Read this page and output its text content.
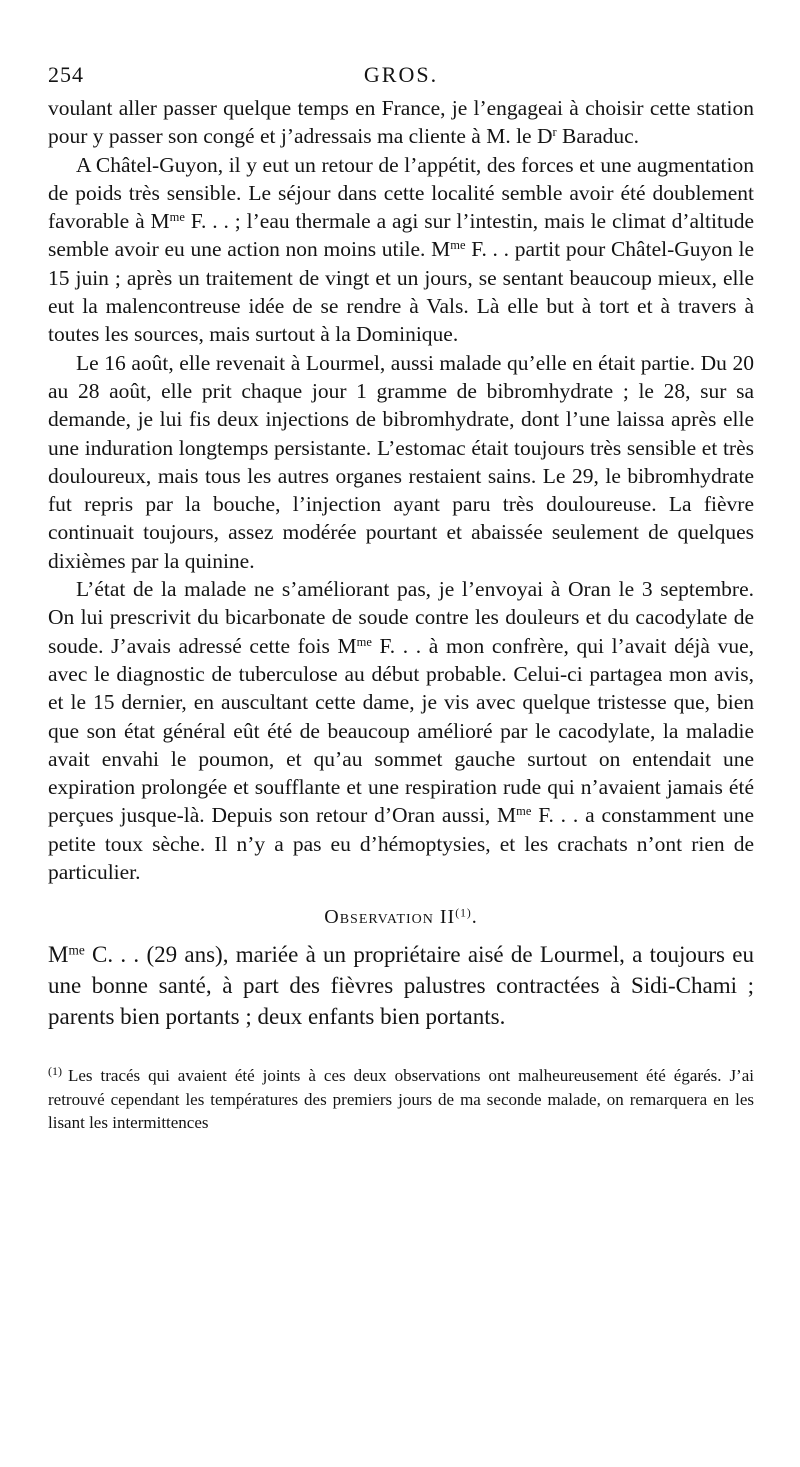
254	GROS.

voulant aller passer quelque temps en France, je l’engageai à choisir cette station pour y passer son congé et j’adressais ma cliente à M. le $D^r$ Baraduc.

A Châtel-Guyon, il y eut un retour de l’appétit, des forces et une augmentation de poids très sensible. Le séjour dans cette localité semble avoir été doublement favorable à $M^{me}$ F. . . ; l’eau thermale a agi sur l’intestin, mais le climat d’altitude semble avoir eu une action non moins utile. $M^{me}$ F. . . partit pour Châtel-Guyon le 15 juin ; après un traitement de vingt et un jours, se sentant beaucoup mieux, elle eut la malencontreuse idée de se rendre à Vals. Là elle but à tort et à travers à toutes les sources, mais surtout à la Dominique.

Le 16 août, elle revenait à Lourmel, aussi malade qu’elle en était partie. Du 20 au 28 août, elle prit chaque jour 1 gramme de bibromhydrate ; le 28, sur sa demande, je lui fis deux injections de bibromhydrate, dont l’une laissa après elle une induration longtemps persistante. L’estomac était toujours très sensible et très douloureux, mais tous les autres organes restaient sains. Le 29, le bibromhydrate fut repris par la bouche, l’injection ayant paru très douloureuse. La fièvre continuait toujours, assez modérée pourtant et abaissée seulement de quelques dixièmes par la quinine.

L’état de la malade ne s’améliorant pas, je l’envoyai à Oran le 3 septembre. On lui prescrivit du bicarbonate de soude contre les douleurs et du cacodylate de soude. J’avais adressé cette fois $M^{me}$ F. . . à mon confrère, qui l’avait déjà vue, avec le diagnostic de tuberculose au début probable. Celui-ci partagea mon avis, et le 15 dernier, en auscultant cette dame, je vis avec quelque tristesse que, bien que son état général eût été de beaucoup amélioré par le cacodylate, la maladie avait envahi le poumon, et qu’au sommet gauche surtout on entendait une expiration prolongée et soufflante et une respiration rude qui n’avaient jamais été perçues jusque-là. Depuis son retour d’Oran aussi, $M^{me}$ F. . . a constamment une petite toux sèche. Il n’y a pas eu d’hémoptysies, et les crachats n’ont rien de particulier.

Observation II$^{(1)}$.

$M^{me}$ C. . . (29 ans), mariée à un propriétaire aisé de Lourmel, a toujours eu une bonne santé, à part des fièvres palustres contractées à Sidi-Chami ; parents bien portants ; deux enfants bien portants.

$^{(1)}$ Les tracés qui avaient été joints à ces deux observations ont malheureusement été égarés. J’ai retrouvé cependant les températures des premiers jours de ma seconde malade, on remarquera en les lisant les intermittences
